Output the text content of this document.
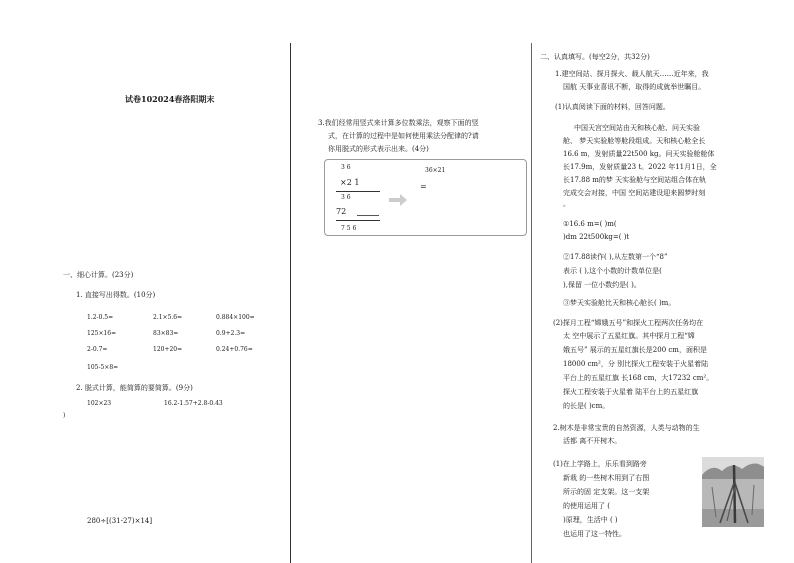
试卷102024春洛阳期末
一、细心计算。(23分)
1. 直接写出得数。(10分)
1.2-0.5=	2.1×5.6=	0.884×100=
125×16=	83×83=	0.9+2.3=
2-0.7=	120+20=	0.24+0.76=
105-5×8=
2. 脱式计算，能简算的要简算。(9分)
102×23	16.2-1.57+2.8-0.43
)
280÷[(31-27)×14]
3.我们经常用竖式来计算多位数乘法，观察下面的竖
式，在计算的过程中是如何使用乘法分配律的?请
你用脱式的形式表示出来。(4分)
3 6
×2 1
3 6
72
7 5 6
36×21
=
二、认真填写。(每空2分，共32分)
1.建空间站、探月探火、载人航天……近年来，我
国航 天事业喜讯不断，取得的成就举世瞩目。
(1)认真阅读下面的材料，回答问题。
中国天宫空间站由天和核心舱、问天实验
舱、 梦天实验舱等舱段组成。天和核心舱全长
16.6 m，发射质量22t500 kg。问天实验舱舱体
长17.9m，发射质量23 t。2022 年11月1日，全
长17.88 m的梦 天实验舱与空间站组合体在轨
完成交会对接，中国 空间站建设迎来圆梦时刻
。
①16.6 m=( )m(
)dm 22t500kg=( )t
②17.88读作( ),从左数第一个“8”
表示 ( ),这个小数的计数单位是(
),保留 一位小数约是( )。
③梦天实验舱比天和核心舱长( )m。
(2)探月工程“嫦娥五号”和探火工程两次任务均在
太 空中展示了五星红旗。其中探月工程“嫦
娥五号” 展示的五星红旗长是200 cm，面积是
18000 cm²，分 别比探火工程安装于火星着陆
平台上的五星红旗 长168 cm，大17232 cm²。
探火工程安装于火星着 陆平台上的五星红旗
的长是( )cm。
2.树木是非常宝贵的自然资源，人类与动物的生
活都 离不开树木。
(1)在上学路上，乐乐看到路旁
新栽 的一些树木用到了右图
所示的固 定支架。这一支架
的使用运用了 (
)原理，生活中 ( )
也运用了这一特性。
